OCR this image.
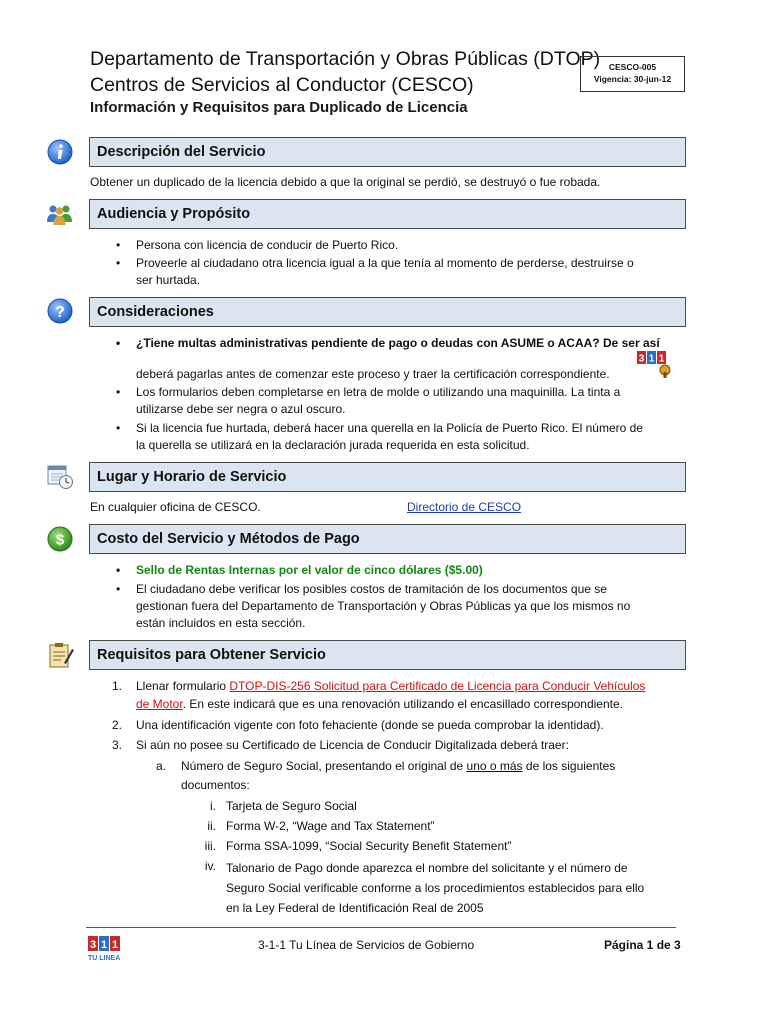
Departamento de Transportación y Obras Públicas (DTOP)
Centros de Servicios al Conductor (CESCO)
Información y Requisitos para Duplicado de Licencia
CESCO-005
Vigencia: 30-jun-12
Descripción del Servicio
Obtener un duplicado de la licencia debido a que la original se perdió, se destruyó o fue robada.
Audiencia y Propósito
• Persona con licencia de conducir de Puerto Rico.
• Proveerle al ciudadano otra licencia igual a la que tenía al momento de perderse, destruirse o
ser hurtada.
?	Consideraciones
• ¿Tiene multas administrativas pendiente de pago o deudas con ASUME o ACAA? De ser así
deberá pagarlas antes de comenzar este proceso y traer la certificación correspondiente.
3 1 1
• Los formularios deben completarse en letra de molde o utilizando una maquinilla. La tinta a
utilizarse debe ser negra o azul oscuro.
• Si la licencia fue hurtada, deberá hacer una querella en la Policía de Puerto Rico. El número de
la querella se utilizará en la declaración jurada requerida en esta solicitud.
Lugar y Horario de Servicio
En cualquier oficina de CESCO.	Directorio de CESCO
$	Costo del Servicio y Métodos de Pago
• Sello de Rentas Internas por el valor de cinco dólares ($5.00)
• El ciudadano debe verificar los posibles costos de tramitación de los documentos que se
gestionan fuera del Departamento de Transportación y Obras Públicas ya que los mismos no
están incluidos en esta sección.
Requisitos para Obtener Servicio
1. Llenar formulario DTOP-DIS-256 Solicitud para Certificado de Licencia para Conducir Vehículos
de Motor. En este indicará que es una renovación utilizando el encasillado correspondiente.
2. Una identificación vigente con foto fehaciente (donde se pueda comprobar la identidad).
3. Si aún no posee su Certificado de Licencia de Conducir Digitalizada deberá traer:
a. Número de Seguro Social, presentando el original de uno o más de los siguientes
documentos:
i. Tarjeta de Seguro Social
ii. Forma W-2, “Wage and Tax Statement”
iii. Forma SSA-1099, “Social Security Benefit Statement”
iv. Talonario de Pago donde aparezca el nombre del solicitante y el número de
Seguro Social verificable conforme a los procedimientos establecidos para ello
en la Ley Federal de Identificación Real de 2005
3 1 1
TU LINEA
3-1-1 Tu Línea de Servicios de Gobierno	Página 1 de 3
